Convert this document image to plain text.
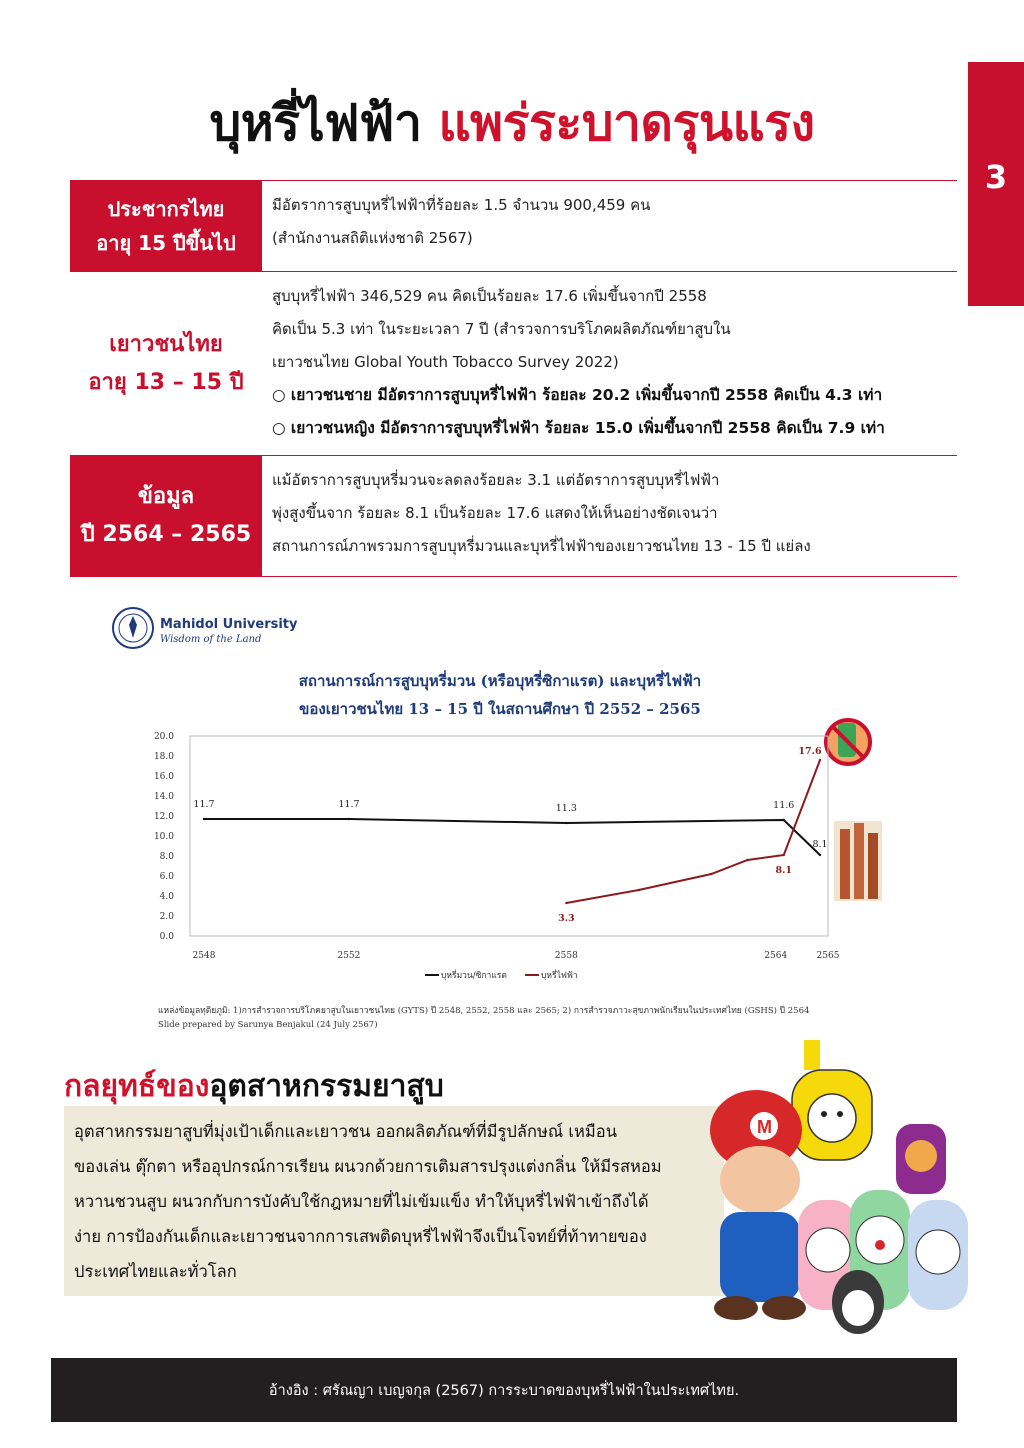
3
บุหรี่ไฟฟ้า แพร่ระบาดรุนแรง
ประชากรไทย
อายุ 15 ปีขึ้นไป
มีอัตราการสูบบุหรี่ไฟฟ้าที่ร้อยละ 1.5 จำนวน 900,459 คน
(สำนักงานสถิติแห่งชาติ 2567)
เยาวชนไทย
อายุ 13 – 15 ปี
สูบบุหรี่ไฟฟ้า 346,529 คน คิดเป็นร้อยละ 17.6 เพิ่มขึ้นจากปี 2558
คิดเป็น 5.3 เท่า ในระยะเวลา 7 ปี (สำรวจการบริโภคผลิตภัณฑ์ยาสูบใน
เยาวชนไทย Global Youth Tobacco Survey 2022)
○ เยาวชนชาย มีอัตราการสูบบุหรี่ไฟฟ้า ร้อยละ 20.2 เพิ่มขึ้นจากปี 2558 คิดเป็น 4.3 เท่า
○ เยาวชนหญิง มีอัตราการสูบบุหรี่ไฟฟ้า ร้อยละ 15.0 เพิ่มขึ้นจากปี 2558 คิดเป็น 7.9 เท่า
ข้อมูล
ปี 2564 – 2565
แม้อัตราการสูบบุหรี่มวนจะลดลงร้อยละ 3.1 แต่อัตราการสูบบุหรี่ไฟฟ้า
พุ่งสูงขึ้นจาก ร้อยละ 8.1 เป็นร้อยละ 17.6 แสดงให้เห็นอย่างชัดเจนว่า
สถานการณ์ภาพรวมการสูบบุหรี่มวนและบุหรี่ไฟฟ้าของเยาวชนไทย 13 - 15 ปี แย่ลง
Mahidol University
Wisdom of the Land
สถานการณ์การสูบบุหรี่มวน (หรือบุหรี่ซิกาแรต) และบุหรี่ไฟฟ้า
ของเยาวชนไทย 13 – 15 ปี ในสถานศึกษา ปี 2552 – 2565
0.0
2.0
4.0
6.0
8.0
10.0
12.0
14.0
16.0
18.0
20.0
2548	2552	2558	2564	2565
11.7	11.7	11.3	11.6
8.1
3.3
8.1
17.6
บุหรี่มวน/ซิกาแรต	บุหรี่ไฟฟ้า
แหล่งข้อมูลทุติยภูมิ: 1)การสำรวจการบริโภคยาสูบในเยาวชนไทย (GYTS) ปี 2548, 2552, 2558 และ 2565; 2) การสำรวจภาวะสุขภาพนักเรียนในประเทศไทย (GSHS) ปี 2564
Slide prepared by Sarunya Benjakul (24 July 2567)
กลยุทธ์ของอุตสาหกรรมยาสูบ
อุตสาหกรรมยาสูบที่มุ่งเป้าเด็กและเยาวชน ออกผลิตภัณฑ์ที่มีรูปลักษณ์ เหมือน
ของเล่น ตุ๊กตา หรืออุปกรณ์การเรียน ผนวกด้วยการเติมสารปรุงแต่งกลิ่น ให้มีรสหอม
หวานชวนสูบ ผนวกกับการบังคับใช้กฎหมายที่ไม่เข้มแข็ง ทำให้บุหรี่ไฟฟ้าเข้าถึงได้
ง่าย การป้องกันเด็กและเยาวชนจากการเสพติดบุหรี่ไฟฟ้าจึงเป็นโจทย์ที่ท้าทายของ
ประเทศไทยและทั่วโลก
M
อ้างอิง : ศรัณญา เบญจกุล (2567) การระบาดของบุหรี่ไฟฟ้าในประเทศไทย.
